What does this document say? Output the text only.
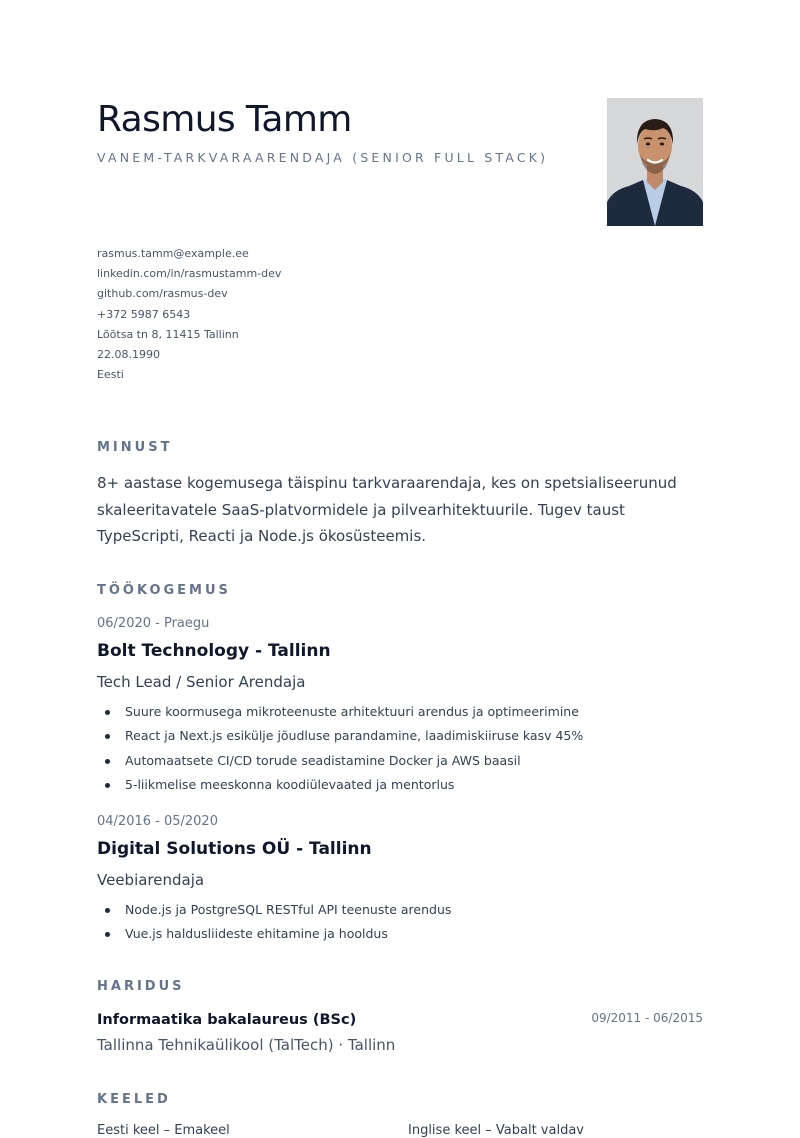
Rasmus Tamm
VANEM-TARKVARAARENDAJA (SENIOR FULL STACK)
rasmus.tamm@example.ee
linkedin.com/in/rasmustamm-dev
github.com/rasmus-dev
+372 5987 6543
Lõõtsa tn 8, 11415 Tallinn
22.08.1990
Eesti
MINUST

8+ aastase kogemusega täispinu tarkvaraarendaja, kes on spetsialiseerunud skaleeritavatele SaaS-platvormidele ja pilvearhitektuurile. Tugev taust TypeScripti, Reacti ja Node.js ökosüsteemis.

TÖÖKOGEMUS
06/2020 - Praegu
Bolt Technology - Tallinn
Tech Lead / Senior Arendaja
Suure koormusega mikroteenuste arhitektuuri arendus ja optimeerimine
React ja Next.js esikülje jõudluse parandamine, laadimiskiiruse kasv 45%
Automaatsete CI/CD torude seadistamine Docker ja AWS baasil
5-liikmelise meeskonna koodiülevaated ja mentorlus
04/2016 - 05/2020
Digital Solutions OÜ - Tallinn
Veebiarendaja
Node.js ja PostgreSQL RESTful API teenuste arendus
Vue.js haldusliideste ehitamine ja hooldus
HARIDUS
Informaatika bakalaureus (BSc)	09/2011 - 06/2015
Tallinna Tehnikaülikool (TalTech) · Tallinn
KEELED
Eesti keel – Emakeel	Inglise keel – Vabalt valdav
